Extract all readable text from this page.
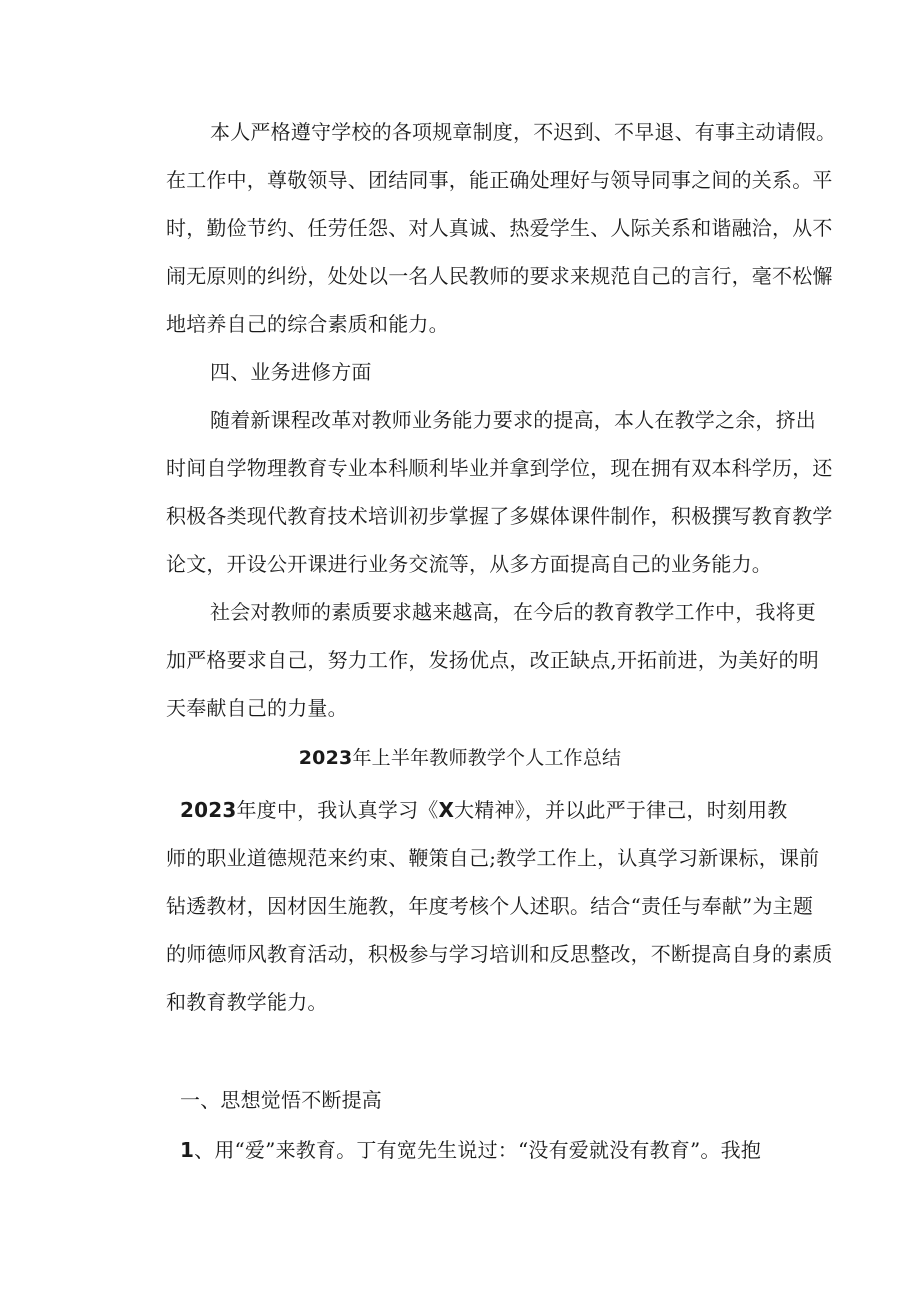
本人严格遵守学校的各项规章制度，不迟到、不早退、有事主动请假。
在工作中，尊敬领导、团结同事，能正确处理好与领导同事之间的关系。平
时，勤俭节约、任劳任怨、对人真诚、热爱学生、人际关系和谐融洽，从不
闹无原则的纠纷，处处以一名人民教师的要求来规范自己的言行，毫不松懈
地培养自己的综合素质和能力。
四、业务进修方面
随着新课程改革对教师业务能力要求的提高，本人在教学之余，挤出
时间自学物理教育专业本科顺利毕业并拿到学位，现在拥有双本科学历，还
积极各类现代教育技术培训初步掌握了多媒体课件制作，积极撰写教育教学
论文，开设公开课进行业务交流等，从多方面提高自己的业务能力。
社会对教师的素质要求越来越高，在今后的教育教学工作中，我将更
加严格要求自己，努力工作，发扬优点，改正缺点,开拓前进，为美好的明
天奉献自己的力量。
2023年上半年教师教学个人工作总结
2023年度中，我认真学习《X大精神》，并以此严于律己，时刻用教
师的职业道德规范来约束、鞭策自己;教学工作上，认真学习新课标，课前
钻透教材，因材因生施教，年度考核个人述职。结合“责任与奉献”为主题
的师德师风教育活动，积极参与学习培训和反思整改，不断提高自身的素质
和教育教学能力。
一、思想觉悟不断提高
1、用“爱”来教育。丁有宽先生说过：“没有爱就没有教育”。我抱
